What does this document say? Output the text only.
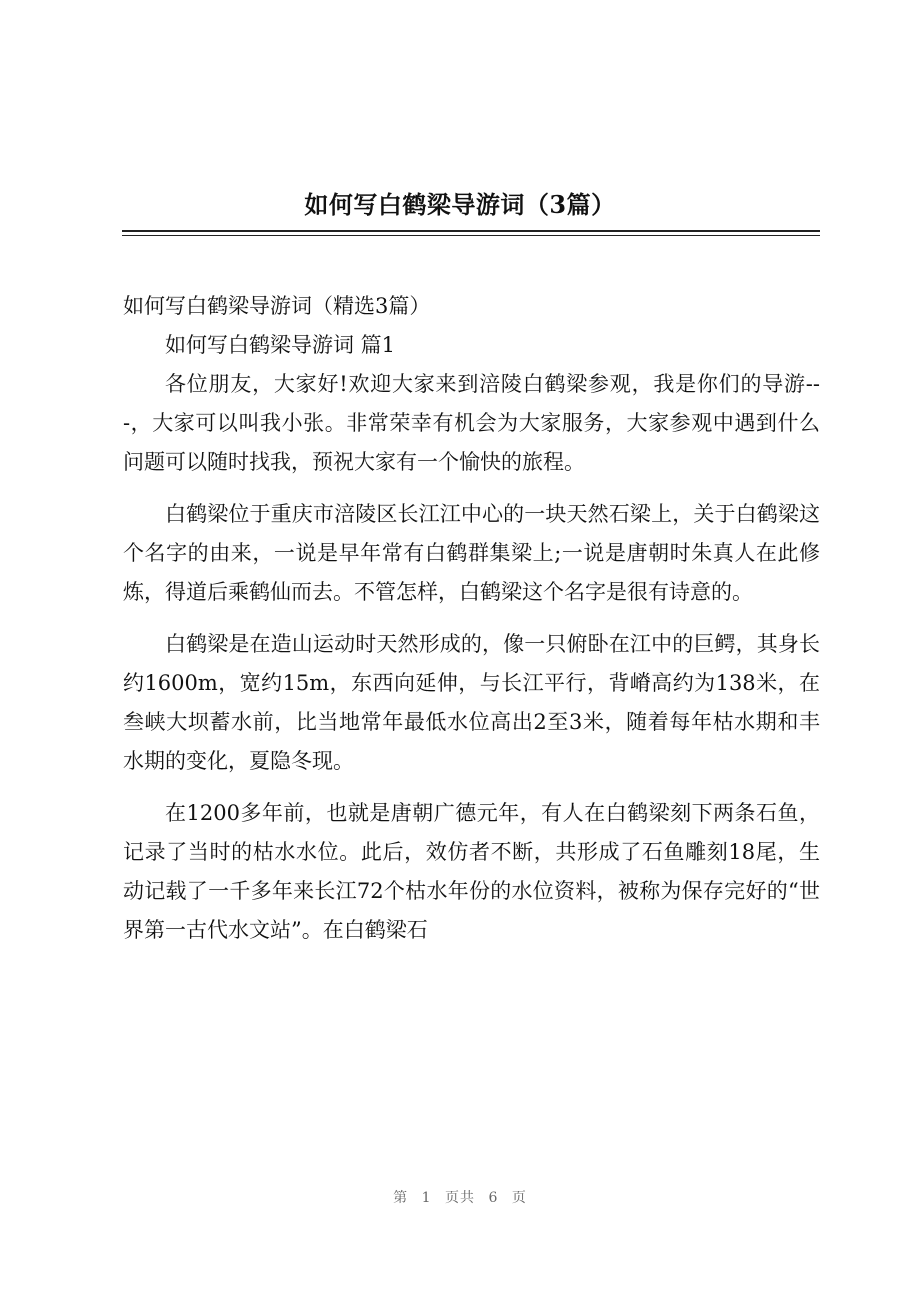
如何写白鹤梁导游词（3篇）

如何写白鹤梁导游词（精选3篇）

如何写白鹤梁导游词 篇1

各位朋友，大家好!欢迎大家来到涪陵白鹤梁参观，我是你们的导游---，大家可以叫我小张。非常荣幸有机会为大家服务，大家参观中遇到什么问题可以随时找我，预祝大家有一个愉快的旅程。

白鹤梁位于重庆市涪陵区长江江中心的一块天然石梁上，关于白鹤梁这个名字的由来，一说是早年常有白鹤群集梁上;一说是唐朝时朱真人在此修炼，得道后乘鹤仙而去。不管怎样，白鹤梁这个名字是很有诗意的。

白鹤梁是在造山运动时天然形成的，像一只俯卧在江中的巨鳄，其身长约1600m，宽约15m，东西向延伸，与长江平行，背嵴高约为138米，在叁峡大坝蓄水前，比当地常年最低水位高出2至3米，随着每年枯水期和丰水期的变化，夏隐冬现。

在1200多年前，也就是唐朝广德元年，有人在白鹤梁刻下两条石鱼，记录了当时的枯水水位。此后，效仿者不断，共形成了石鱼雕刻18尾，生动记载了一千多年来长江72个枯水年份的水位资料，被称为保存完好的“世界第一古代水文站”。在白鹤梁石

第 1 页共 6 页
